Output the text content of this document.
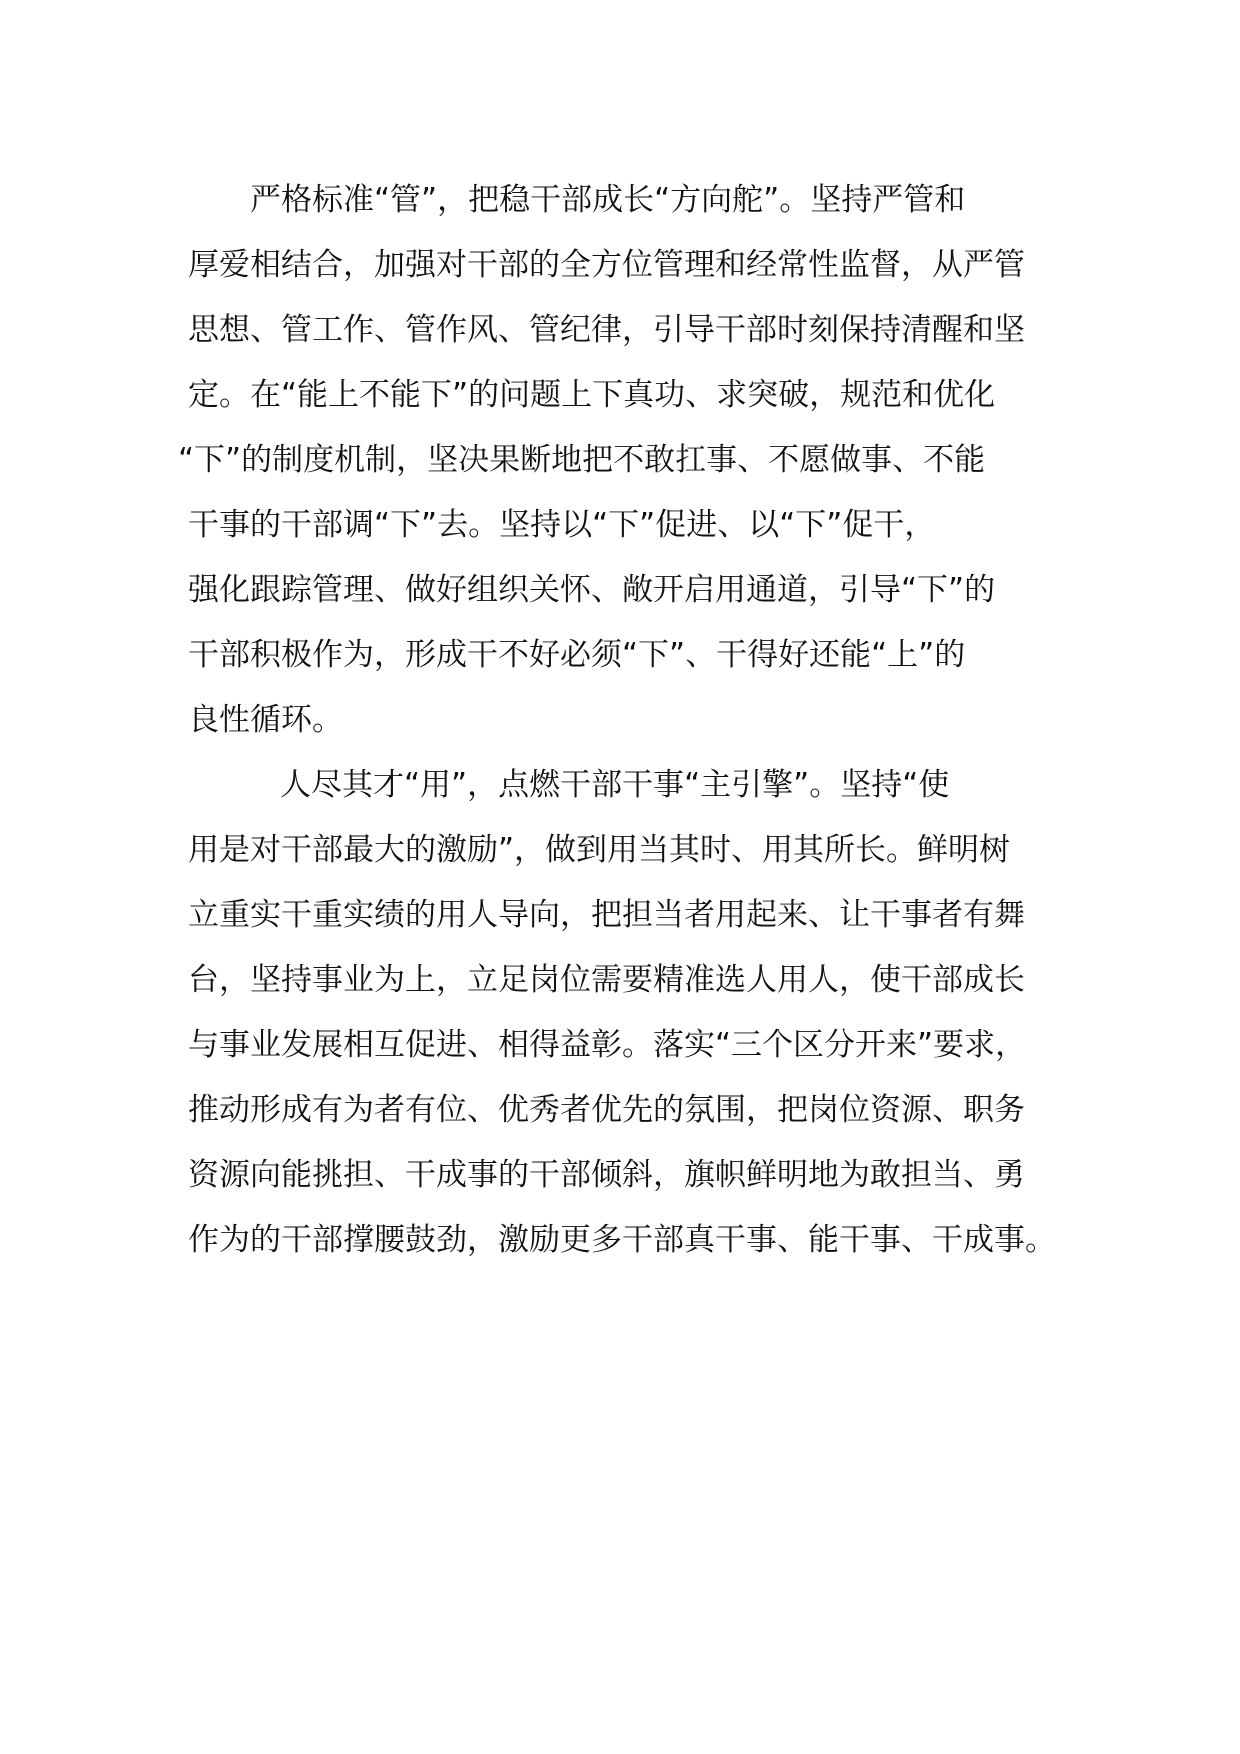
严格标准“管”，把稳干部成长“方向舵”。坚持严管和
厚爱相结合，加强对干部的全方位管理和经常性监督，从严管
思想、管工作、管作风、管纪律，引导干部时刻保持清醒和坚
定。在“能上不能下”的问题上下真功、求突破，规范和优化
“下”的制度机制，坚决果断地把不敢扛事、不愿做事、不能
干事的干部调“下”去。坚持以“下”促进、以“下”促干，
强化跟踪管理、做好组织关怀、敞开启用通道，引导“下”的
干部积极作为，形成干不好必须“下”、干得好还能“上”的
良性循环。
人尽其才“用”，点燃干部干事“主引擎”。坚持“使
用是对干部最大的激励”，做到用当其时、用其所长。鲜明树
立重实干重实绩的用人导向，把担当者用起来、让干事者有舞
台，坚持事业为上，立足岗位需要精准选人用人，使干部成长
与事业发展相互促进、相得益彰。落实“三个区分开来”要求，
推动形成有为者有位、优秀者优先的氛围，把岗位资源、职务
资源向能挑担、干成事的干部倾斜，旗帜鲜明地为敢担当、勇
作为的干部撑腰鼓劲，激励更多干部真干事、能干事、干成事。
